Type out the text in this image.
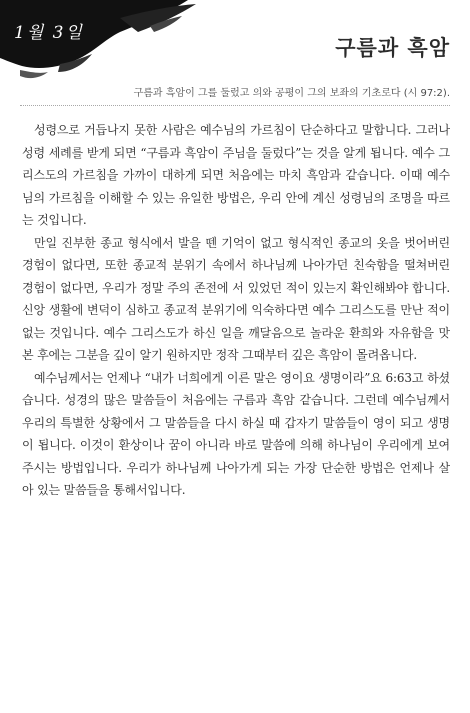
1월 3일
구름과 흑암
구름과 흑암이 그를 둘렀고 의와 공평이 그의 보좌의 기초로다 (시 97:2).

성령으로 거듭나지 못한 사람은 예수님의 가르침이 단순하다고 말합니다. 그러나 성령 세례를 받게 되면 “구름과 흑암이 주님을 둘렀다”는 것을 알게 됩니다. 예수 그리스도의 가르침을 가까이 대하게 되면 처음에는 마치 흑암과 같습니다. 이때 예수님의 가르침을 이해할 수 있는 유일한 방법은, 우리 안에 계신 성령님의 조명을 따르는 것입니다.

만일 진부한 종교 형식에서 발을 뗀 기억이 없고 형식적인 종교의 옷을 벗어버린 경험이 없다면, 또한 종교적 분위기 속에서 하나님께 나아가던 친숙함을 떨쳐버린 경험이 없다면, 우리가 정말 주의 존전에 서 있었던 적이 있는지 확인해봐야 합니다. 신앙 생활에 변덕이 심하고 종교적 분위기에 익숙하다면 예수 그리스도를 만난 적이 없는 것입니다. 예수 그리스도가 하신 일을 깨달음으로 놀라운 환희와 자유함을 맛본 후에는 그분을 깊이 알기 원하지만 정작 그때부터 깊은 흑암이 몰려옵니다.

예수님께서는 언제나 “내가 너희에게 이른 말은 영이요 생명이라”요 6:63고 하셨습니다. 성경의 많은 말씀들이 처음에는 구름과 흑암 같습니다. 그런데 예수님께서 우리의 특별한 상황에서 그 말씀들을 다시 하실 때 갑자기 말씀들이 영이 되고 생명이 됩니다. 이것이 환상이나 꿈이 아니라 바로 말씀에 의해 하나님이 우리에게 보여주시는 방법입니다. 우리가 하나님께 나아가게 되는 가장 단순한 방법은 언제나 살아 있는 말씀들을 통해서입니다.
